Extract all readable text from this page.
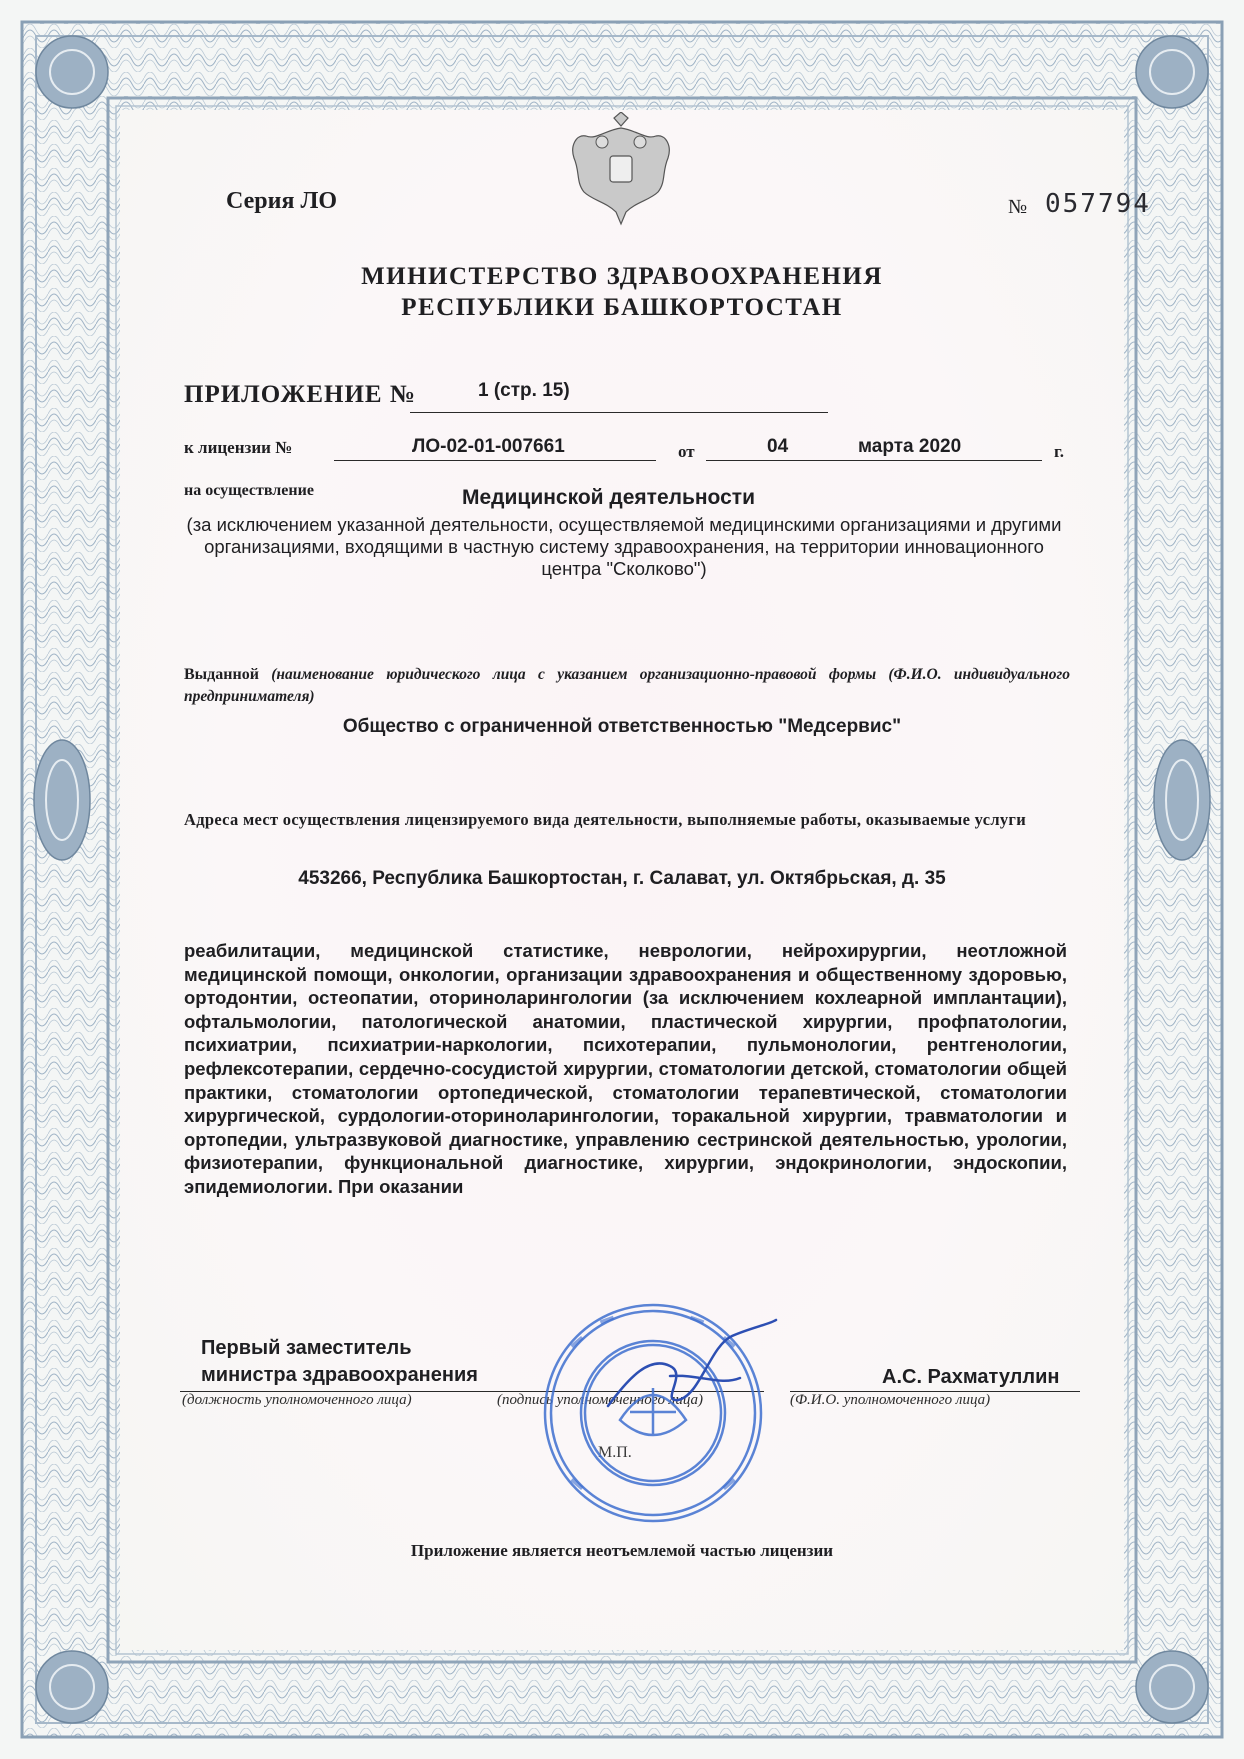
Серия ЛО	№ 057794
МИНИСТЕРСТВО ЗДРАВООХРАНЕНИЯ
РЕСПУБЛИКИ БАШКОРТОСТАН
ПРИЛОЖЕНИЕ №	1 (стр. 15)
к лицензии №	ЛО-02-01-007661	от	04	марта 2020	г.
на осуществление	Медицинской деятельности
(за исключением указанной деятельности, осуществляемой медицинскими организациями и другими организациями, входящими в частную систему здравоохранения, на территории инновационного центра "Сколково")
Выданной (наименование юридического лица с указанием организационно-правовой формы (Ф.И.О. индивидуального предпринимателя)
Общество с ограниченной ответственностью "Медсервис"
Адреса мест осуществления лицензируемого вида деятельности, выполняемые работы, оказываемые услуги
453266, Республика Башкортостан, г. Салават, ул. Октябрьская, д. 35
реабилитации, медицинской статистике, неврологии, нейрохирургии, неотложной медицинской помощи, онкологии, организации здравоохранения и общественному здоровью, ортодонтии, остеопатии, оториноларингологии (за исключением кохлеарной имплантации), офтальмологии, патологической анатомии, пластической хирургии, профпатологии, психиатрии, психиатрии-наркологии, психотерапии, пульмонологии, рентгенологии, рефлексотерапии, сердечно-сосудистой хирургии, стоматологии детской, стоматологии общей практики, стоматологии ортопедической, стоматологии терапевтической, стоматологии хирургической, сурдологии-оториноларингологии, торакальной хирургии, травматологии и ортопедии, ультразвуковой диагностике, управлению сестринской деятельностью, урологии, физиотерапии, функциональной диагностике, хирургии, эндокринологии, эндоскопии, эпидемиологии. При оказании
Первый заместитель
министра здравоохранения	А.С. Рахматуллин
(должность уполномоченного лица)	(подпись уполномоченного лица)	(Ф.И.О. уполномоченного лица)
М.П.
Приложение является неотъемлемой частью лицензии
